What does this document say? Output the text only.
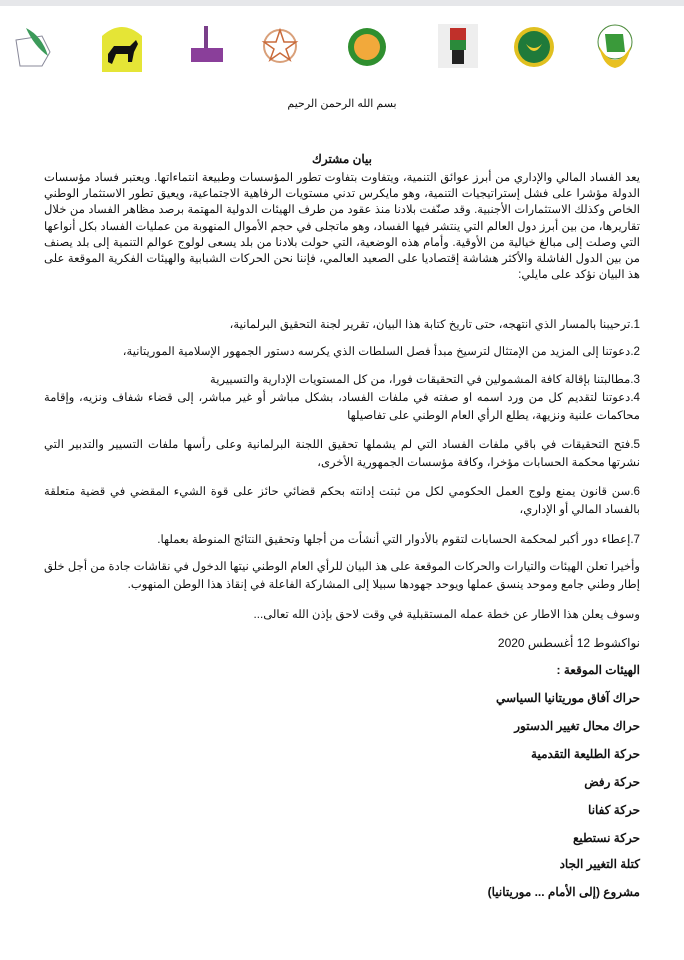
بسم الله الرحمن الرحيم
بيان مشترك
يعد الفساد المالي والإداري من أبرز عوائق التنمية، ويتفاوت بتفاوت تطور المؤسسات وطبيعة انتماءاتها. ويعتبر فساد مؤسسات الدولة مؤشرا على فشل إستراتيجيات التنمية، وهو مايكرس تدني مستويات الرفاهية الاجتماعية، ويعيق تطور الاستثمار الوطني الخاص وكذلك الاستثمارات الأجنبية. وقد صنّفت بلادنا منذ عقود من طرف الهيئات الدولية المهتمة برصد مظاهر الفساد من خلال تقاريرها، من بين أبرز دول العالم التي ينتشر فيها الفساد، وهو ماتجلى في حجم الأموال المنهوبة من عمليات الفساد بكل أنواعها التي وصلت إلى مبالغ خيالية من الأوقية. وأمام هذه الوضعية، التي حولت بلادنا من بلد يسعى لولوج عوالم التنمية إلى بلد يصنف من بين الدول الفاشلة والأكثر هشاشة إقتصاديا على الصعيد العالمي، فإننا نحن الحركات الشبابية والهيئات الفكرية الموقعة على هذ البيان نؤكد على مايلي:
1.ترحيبنا بالمسار الذي انتهجه، حتى تاريخ كتابة هذا البيان، تقرير لجنة التحقيق البرلمانية،
2.دعوتنا إلى المزيد من الإمتثال لترسيخ مبدأ فصل السلطات الذي يكرسه دستور الجمهور الإسلامية الموريتانية،
3.مطالبتنا بإقالة كافة المشمولين في التحقيقات فورا، من كل المستويات الإدارية والتسييرية
4.دعوتنا لتقديم كل من ورد اسمه او صفته في ملفات الفساد، بشكل مباشر أو غير مباشر، إلى قضاء شفاف ونزيه، وإقامة محاكمات علنية ونزيهة، يطلع الرأي العام الوطني على تفاصيلها
5.فتح التحقيقات في باقي ملفات الفساد التي لم يشملها تحقيق اللجنة البرلمانية وعلى رأسها ملفات التسيير والتدبير التي نشرتها محكمة الحسابات مؤخرا، وكافة مؤسسات الجمهورية الأخرى،
6.سن قانون يمنع ولوج العمل الحكومي لكل من ثبتت إدانته بحكم قضائي حائز على قوة الشيء المقضي في قضية متعلقة بالفساد المالي أو الإداري،
7.إعطاء دور أكبر لمحكمة الحسابات لتقوم بالأدوار التي أنشأت من أجلها وتحقيق النتائج المنوطة بعملها.
وأخيرا تعلن الهيئات والتيارات والحركات الموقعة على هذ البيان للرأي العام الوطني نيتها الدخول في نقاشات جادة من أجل خلق إطار وطني جامع وموحد ينسق عملها ويوحد جهودها سبيلا إلى المشاركة الفاعلة في إنقاذ هذا الوطن المنهوب.
وسوف يعلن هذا الاطار عن خطة عمله المستقبلية في وقت لاحق بإذن الله تعالى...
نواكشوط 12 أغسطس 2020
الهيئات الموقعة :
حراك آفاق موريتانيا السياسي
حراك محال تغيير الدستور
حركة الطليعة التقدمية
حركة رفض
حركة كفانا
حركة نستطيع
كتلة التغيير الجاد
مشروع (إلى الأمام ... موريتانيا)
